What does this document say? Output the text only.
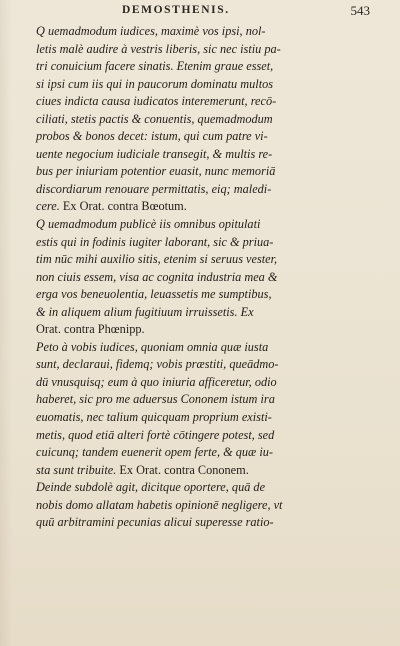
DEMOSTHENIS.	543
Q uemadmodum iudices, maximè vos ipsi, nol-
letis malè audire à vestris liberis, sic nec istiu pa-
tri conuicium facere sinatis. Etenim graue esset,
si ipsi cum iis qui in paucorum dominatu multos
ciues indicta causa iudicatos interemerunt, recō-
ciliati, stetis pactis & conuentis, quemadmodum
probos & bonos decet: istum, qui cum patre vi-
uente negocium iudiciale transegit, & multis re-
bus per iniuriam potentior euasit, nunc memoriā
discordiarum renouare permittatis, eiq; maledi-
cere. Ex Orat. contra Bœotum.
Q uemadmodum publicè iis omnibus opitulati
estis qui in fodinis iugiter laborant, sic & priua-
tim nūc mihi auxilio sitis, etenim si seruus vester,
non ciuis essem, visa ac cognita industria mea &
erga vos beneuolentia, leuassetis me sumptibus,
& in aliquem alium fugitiuum irruissetis. Ex
Orat. contra Phœnipp.
Peto à vobis iudices, quoniam omnia quæ iusta
sunt, declaraui, fidemq; vobis præstiti, queādmo-
dū vnusquisq; eum à quo iniuria afficeretur, odio
haberet, sic pro me aduersus Cononem istum ira
euomatis, nec talium quicquam proprium existi-
metis, quod etiā alteri fortè cōtingere potest, sed
cuicunq; tandem euenerit opem ferte, & quæ iu-
sta sunt tribuite. Ex Orat. contra Cononem.
Deinde subdolè agit, dicitque oportere, quā de
nobis domo allatam habetis opinionē negligere, vt
quū arbitramini pecunias alicui superesse ratio-
